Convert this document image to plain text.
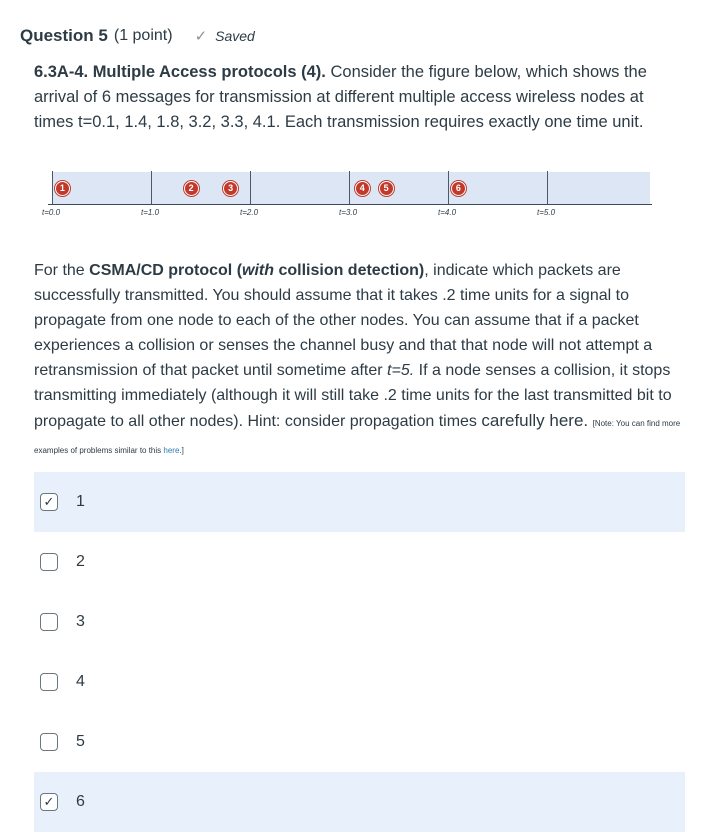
Question 5 (1 point) ✓ Saved
6.3A-4. Multiple Access protocols (4). Consider the figure below, which shows the arrival of 6 messages for transmission at different multiple access wireless nodes at times t=0.1, 1.4, 1.8, 3.2, 3.3, 4.1. Each transmission requires exactly one time unit.
t=0.0	t=1.0	t=2.0	t=3.0	t=4.0	t=5.0
1	2	3	4	5	6
For the CSMA/CD protocol (with collision detection), indicate which packets are successfully transmitted. You should assume that it takes .2 time units for a signal to propagate from one node to each of the other nodes. You can assume that if a packet experiences a collision or senses the channel busy and that that node will not attempt a retransmission of that packet until sometime after t=5. If a node senses a collision, it stops transmitting immediately (although it will still take .2 time units for the last transmitted bit to propagate to all other nodes). Hint: consider propagation times carefully here. [Note: You can find more examples of problems similar to this here.]
✓ 1
2
3
4
5
✓ 6
